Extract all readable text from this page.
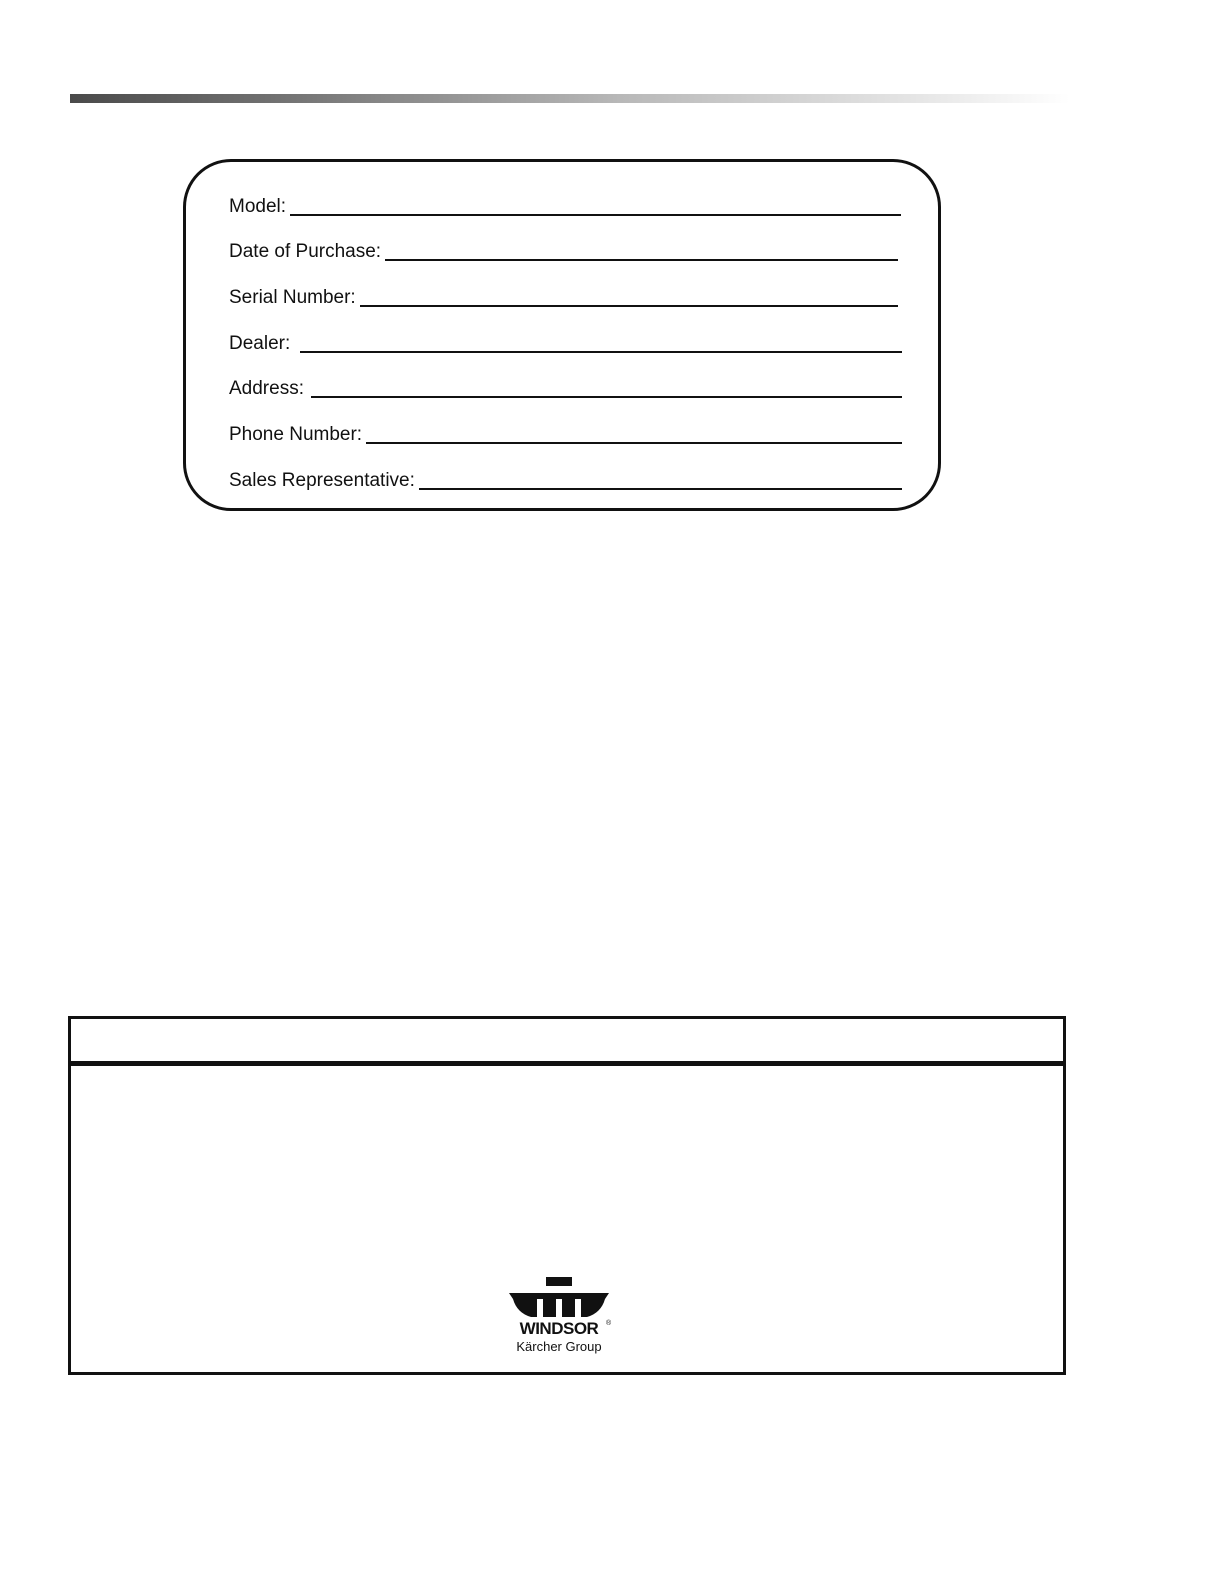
Model:
Date of Purchase:
Serial Number:
Dealer:
Address:
Phone Number:
Sales Representative:
WINDSOR	®
Kärcher Group
